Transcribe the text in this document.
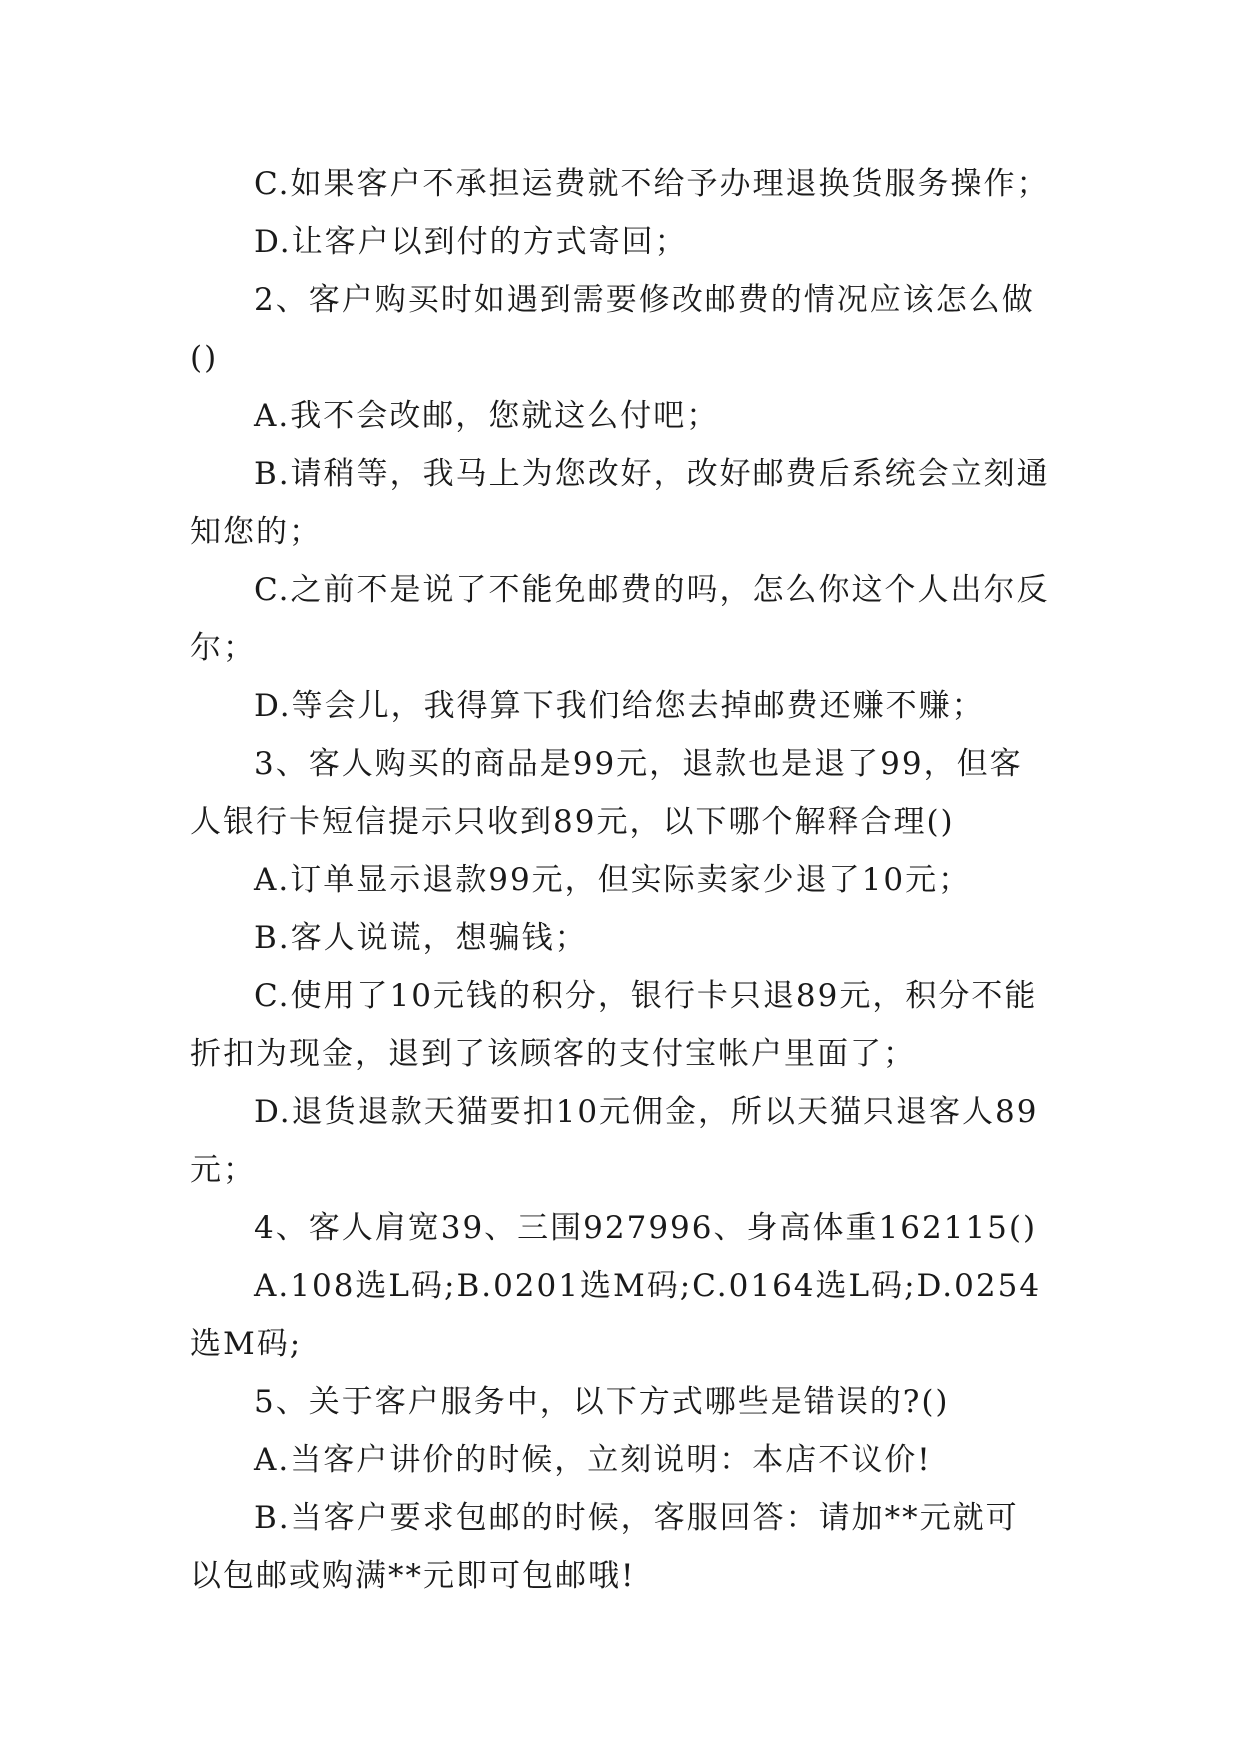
C.如果客户不承担运费就不给予办理退换货服务操作；

D.让客户以到付的方式寄回；

2、客户购买时如遇到需要修改邮费的情况应该怎么做()

A.我不会改邮，您就这么付吧；

B.请稍等，我马上为您改好，改好邮费后系统会立刻通知您的；

C.之前不是说了不能免邮费的吗，怎么你这个人出尔反尔；

D.等会儿，我得算下我们给您去掉邮费还赚不赚；

3、客人购买的商品是99元，退款也是退了99，但客人银行卡短信提示只收到89元，以下哪个解释合理()

A.订单显示退款99元，但实际卖家少退了10元；

B.客人说谎，想骗钱；

C.使用了10元钱的积分，银行卡只退89元，积分不能折扣为现金，退到了该顾客的支付宝帐户里面了；

D.退货退款天猫要扣10元佣金，所以天猫只退客人89元；

4、客人肩宽39、三围927996、身高体重162115()

A.108选L码;B.0201选M码;C.0164选L码;D.0254选M码;

5、关于客户服务中，以下方式哪些是错误的?()

A.当客户讲价的时候，立刻说明：本店不议价!

B.当客户要求包邮的时候，客服回答：请加**元就可以包邮或购满**元即可包邮哦!
